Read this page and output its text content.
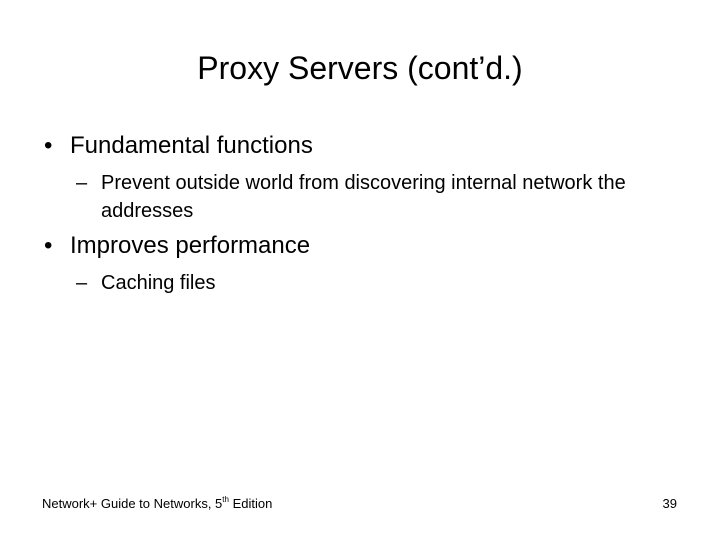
Proxy Servers (cont’d.)
• Fundamental functions
– Prevent outside world from discovering internal network the addresses
• Improves performance
– Caching files
Network+ Guide to Networks, 5th Edition	39
